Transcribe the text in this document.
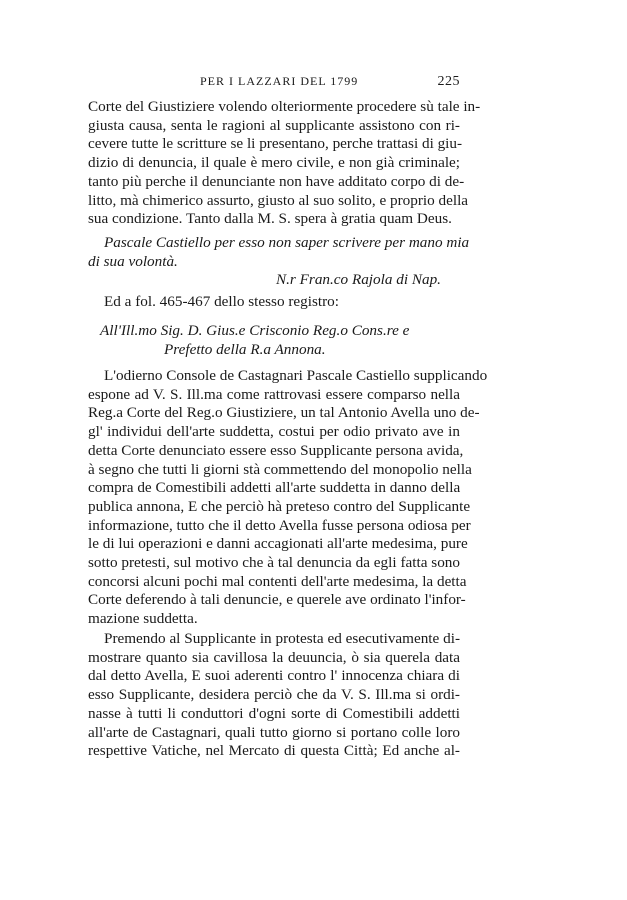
PER I LAZZARI DEL 1799	225
Corte del Giustiziere volendo olteriormente procedere sù tale in-
giusta causa, senta le ragioni al supplicante assistono con ri-
cevere tutte le scritture se li presentano, perche trattasi di giu-
dizio di denuncia, il quale è mero civile, e non già criminale;
tanto più perche il denunciante non have additato corpo di de-
litto, mà chimerico assurto, giusto al suo solito, e proprio della
sua condizione. Tanto dalla M. S. spera à gratia quam Deus.
Pascale Castiello per esso non saper scrivere per mano mia
di sua volontà.
N.r Fran.co Rajola di Nap.
Ed a fol. 465-467 dello stesso registro:
All'Ill.mo Sig. D. Gius.e Crisconio Reg.o Cons.re e
Prefetto della R.a Annona.
L'odierno Console de Castagnari Pascale Castiello supplicando
espone ad V. S. Ill.ma come rattrovasi essere comparso nella
Reg.a Corte del Reg.o Giustiziere, un tal Antonio Avella uno de-
gl' individui dell'arte suddetta, costui per odio privato ave in
detta Corte denunciato essere esso Supplicante persona avida,
à segno che tutti li giorni stà commettendo del monopolio nella
compra de Comestibili addetti all'arte suddetta in danno della
publica annona, E che perciò hà preteso contro del Supplicante
informazione, tutto che il detto Avella fusse persona odiosa per
le di lui operazioni e danni accagionati all'arte medesima, pure
sotto pretesti, sul motivo che à tal denuncia da egli fatta sono
concorsi alcuni pochi mal contenti dell'arte medesima, la detta
Corte deferendo à tali denuncie, e querele ave ordinato l'infor-
mazione suddetta.
Premendo al Supplicante in protesta ed esecutivamente di-
mostrare quanto sia cavillosa la deuuncia, ò sia querela data
dal detto Avella, E suoi aderenti contro l' innocenza chiara di
esso Supplicante, desidera perciò che da V. S. Ill.ma si ordi-
nasse à tutti li conduttori d'ogni sorte di Comestibili addetti
all'arte de Castagnari, quali tutto giorno si portano colle loro
respettive Vatiche, nel Mercato di questa Città; Ed anche al-
